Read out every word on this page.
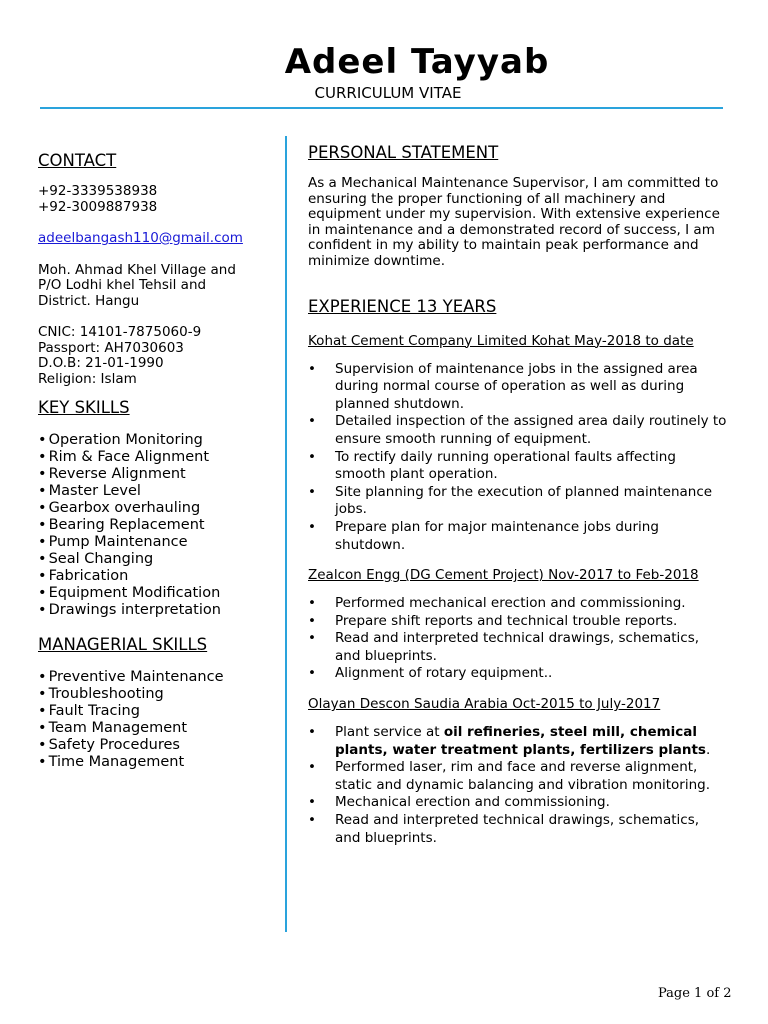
Adeel Tayyab
CURRICULUM VITAE
CONTACT
+92-3339538938
+92-3009887938
adeelbangash110@gmail.com
Moh. Ahmad Khel Village and
P/O Lodhi khel Tehsil and
District. Hangu
CNIC: 14101-7875060-9
Passport: AH7030603
D.O.B: 21-01-1990
Religion: Islam
KEY SKILLS
• Operation Monitoring
• Rim & Face Alignment
• Reverse Alignment
• Master Level
• Gearbox overhauling
• Bearing Replacement
• Pump Maintenance
• Seal Changing
• Fabrication
• Equipment Modification
• Drawings interpretation
MANAGERIAL SKILLS
• Preventive Maintenance
• Troubleshooting
• Fault Tracing
• Team Management
• Safety Procedures
• Time Management
PERSONAL STATEMENT

As a Mechanical Maintenance Supervisor, I am committed to ensuring the proper functioning of all machinery and equipment under my supervision. With extensive experience in maintenance and a demonstrated record of success, I am confident in my ability to maintain peak performance and minimize downtime.

EXPERIENCE 13 YEARS

Kohat Cement Company Limited Kohat May-2018 to date

• Supervision of maintenance jobs in the assigned area during normal course of operation as well as during planned shutdown.
• Detailed inspection of the assigned area daily routinely to ensure smooth running of equipment.
• To rectify daily running operational faults affecting smooth plant operation.
• Site planning for the execution of planned maintenance jobs.
• Prepare plan for major maintenance jobs during shutdown.

Zealcon Engg (DG Cement Project) Nov-2017 to Feb-2018

• Performed mechanical erection and commissioning.
• Prepare shift reports and technical trouble reports.
• Read and interpreted technical drawings, schematics, and blueprints.
• Alignment of rotary equipment..

Olayan Descon Saudia Arabia Oct-2015 to July-2017

• Plant service at oil refineries, steel mill, chemical plants, water treatment plants, fertilizers plants.
• Performed laser, rim and face and reverse alignment, static and dynamic balancing and vibration monitoring.
• Mechanical erection and commissioning.
• Read and interpreted technical drawings, schematics, and blueprints.
Page 1 of 2
